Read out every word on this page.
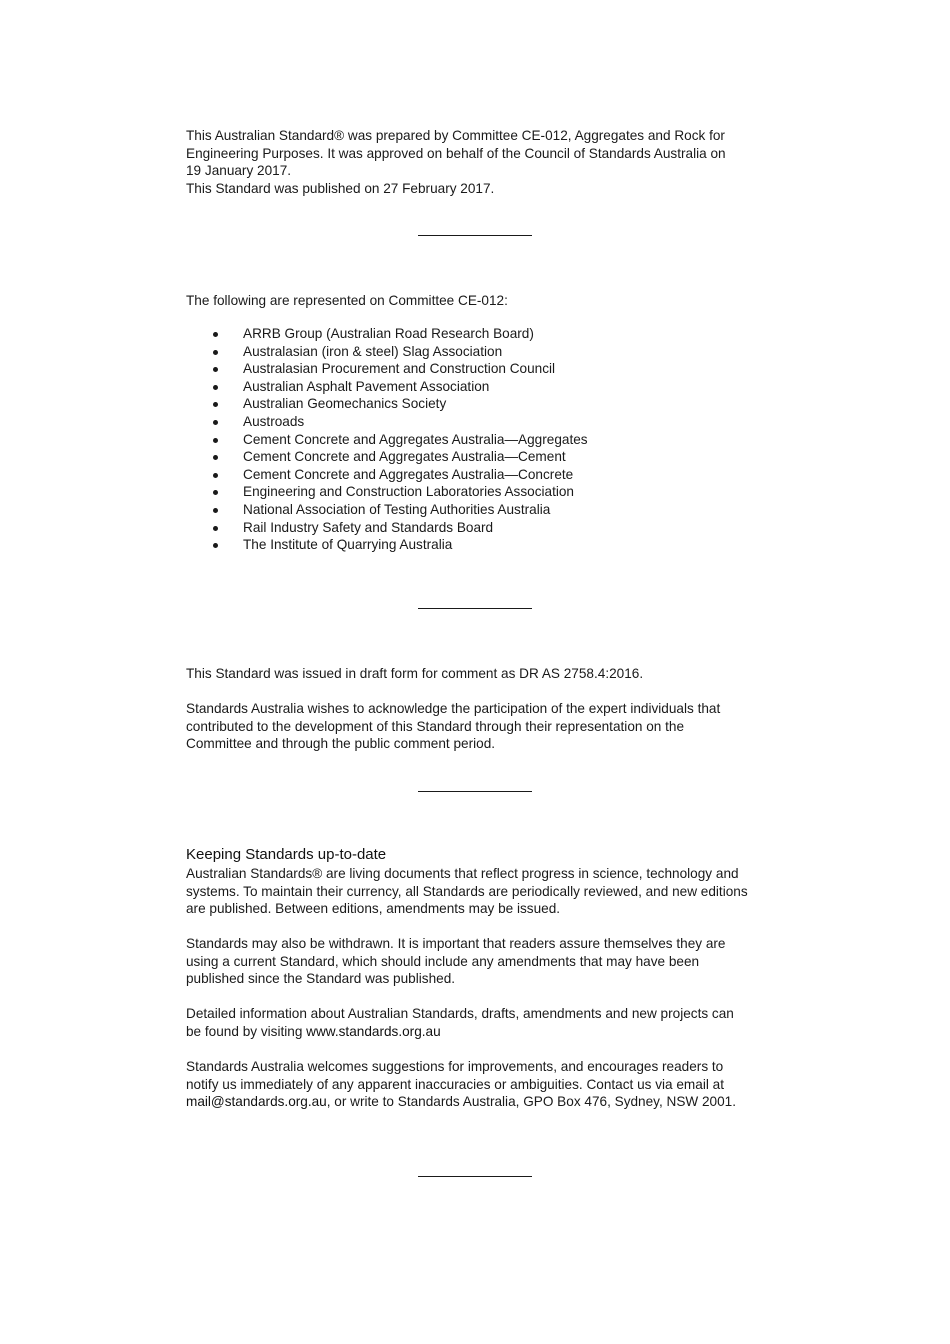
This Australian Standard® was prepared by Committee CE-012, Aggregates and Rock for
Engineering Purposes. It was approved on behalf of the Council of Standards Australia on
19 January 2017.
This Standard was published on 27 February 2017.

The following are represented on Committee CE-012:

ARRB Group (Australian Road Research Board)
Australasian (iron & steel) Slag Association
Australasian Procurement and Construction Council
Australian Asphalt Pavement Association
Australian Geomechanics Society
Austroads
Cement Concrete and Aggregates Australia—Aggregates
Cement Concrete and Aggregates Australia—Cement
Cement Concrete and Aggregates Australia—Concrete
Engineering and Construction Laboratories Association
National Association of Testing Authorities Australia
Rail Industry Safety and Standards Board
The Institute of Quarrying Australia

This Standard was issued in draft form for comment as DR AS 2758.4:2016.

Standards Australia wishes to acknowledge the participation of the expert individuals that
contributed to the development of this Standard through their representation on the
Committee and through the public comment period.
Keeping Standards up-to-date
Australian Standards® are living documents that reflect progress in science, technology and
systems. To maintain their currency, all Standards are periodically reviewed, and new editions
are published. Between editions, amendments may be issued.
Standards may also be withdrawn. It is important that readers assure themselves they are
using a current Standard, which should include any amendments that may have been
published since the Standard was published.
Detailed information about Australian Standards, drafts, amendments and new projects can
be found by visiting www.standards.org.au
Standards Australia welcomes suggestions for improvements, and encourages readers to
notify us immediately of any apparent inaccuracies or ambiguities. Contact us via email at
mail@standards.org.au, or write to Standards Australia, GPO Box 476, Sydney, NSW 2001.
